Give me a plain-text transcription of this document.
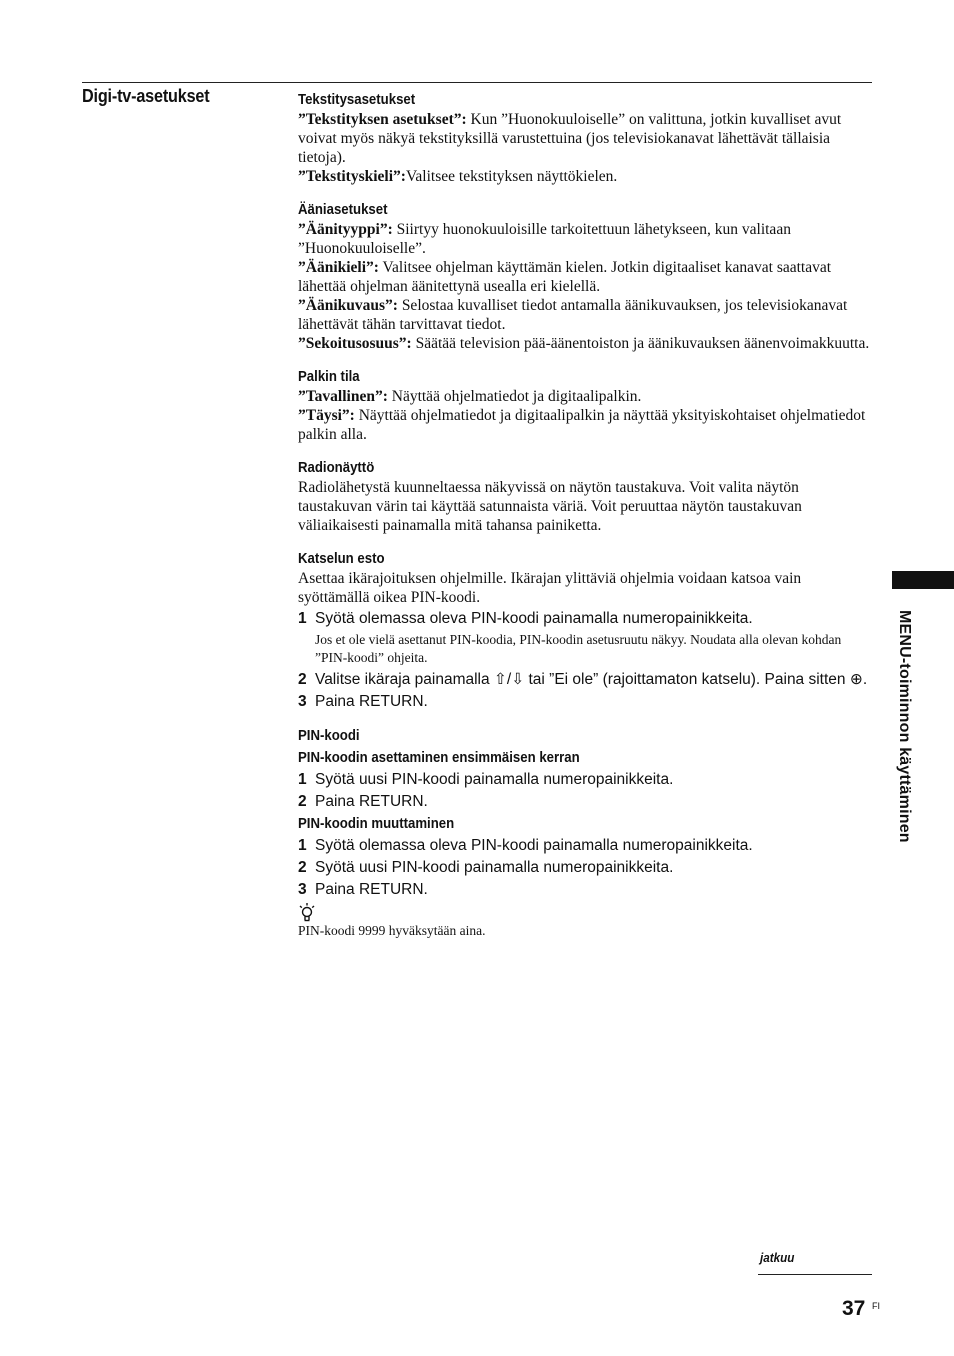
Digi-tv-asetukset	Tekstitysasetukset

”Tekstityksen asetukset”: Kun ”Huonokuuloiselle” on valittuna, jotkin kuvalliset avut voivat myös näkyä tekstityksillä varustettuina (jos televisiokanavat lähettävät tällaisia tietoja).

”Tekstityskieli”:Valitsee tekstityksen näyttökielen.

Ääniasetukset

”Äänityyppi”: Siirtyy huonokuuloisille tarkoitettuun lähetykseen, kun valitaan ”Huonokuuloiselle”.

”Äänikieli”: Valitsee ohjelman käyttämän kielen. Jotkin digitaaliset kanavat saattavat lähettää ohjelman äänitettynä usealla eri kielellä.

”Äänikuvaus”: Selostaa kuvalliset tiedot antamalla äänikuvauksen, jos televisiokanavat lähettävät tähän tarvittavat tiedot.

”Sekoitusosuus”: Säätää television pää-äänentoiston ja äänikuvauksen äänenvoimakkuutta.

Palkin tila

”Tavallinen”: Näyttää ohjelmatiedot ja digitaalipalkin.

”Täysi”: Näyttää ohjelmatiedot ja digitaalipalkin ja näyttää yksityiskohtaiset ohjelmatiedot palkin alla.

Radionäyttö

Radiolähetystä kuunneltaessa näkyvissä on näytön taustakuva. Voit valita näytön taustakuvan värin tai käyttää satunnaista väriä. Voit peruuttaa näytön taustakuvan väliaikaisesti painamalla mitä tahansa painiketta.

Katselun esto

Asettaa ikärajoituksen ohjelmille. Ikärajan ylittäviä ohjelmia voidaan katsoa vain syöttämällä oikea PIN-koodi.

1 Syötä olemassa oleva PIN-koodi painamalla numeropainikkeita.
Jos et ole vielä asettanut PIN-koodia, PIN-koodin asetusruutu näkyy. Noudata alla olevan kohdan ”PIN-koodi” ohjeita.
2 Valitse ikäraja painamalla ⇧/⇩ tai ”Ei ole” (rajoittamaton katselu). Paina sitten ⊕.
3 Paina RETURN.
PIN-koodi
PIN-koodin asettaminen ensimmäisen kerran
1 Syötä uusi PIN-koodi painamalla numeropainikkeita.
2 Paina RETURN.
PIN-koodin muuttaminen
1 Syötä olemassa oleva PIN-koodi painamalla numeropainikkeita.
2 Syötä uusi PIN-koodi painamalla numeropainikkeita.
3 Paina RETURN.
PIN-koodi 9999 hyväksytään aina.
MENU-toiminnon käyttäminen
jatkuu
37 FI
